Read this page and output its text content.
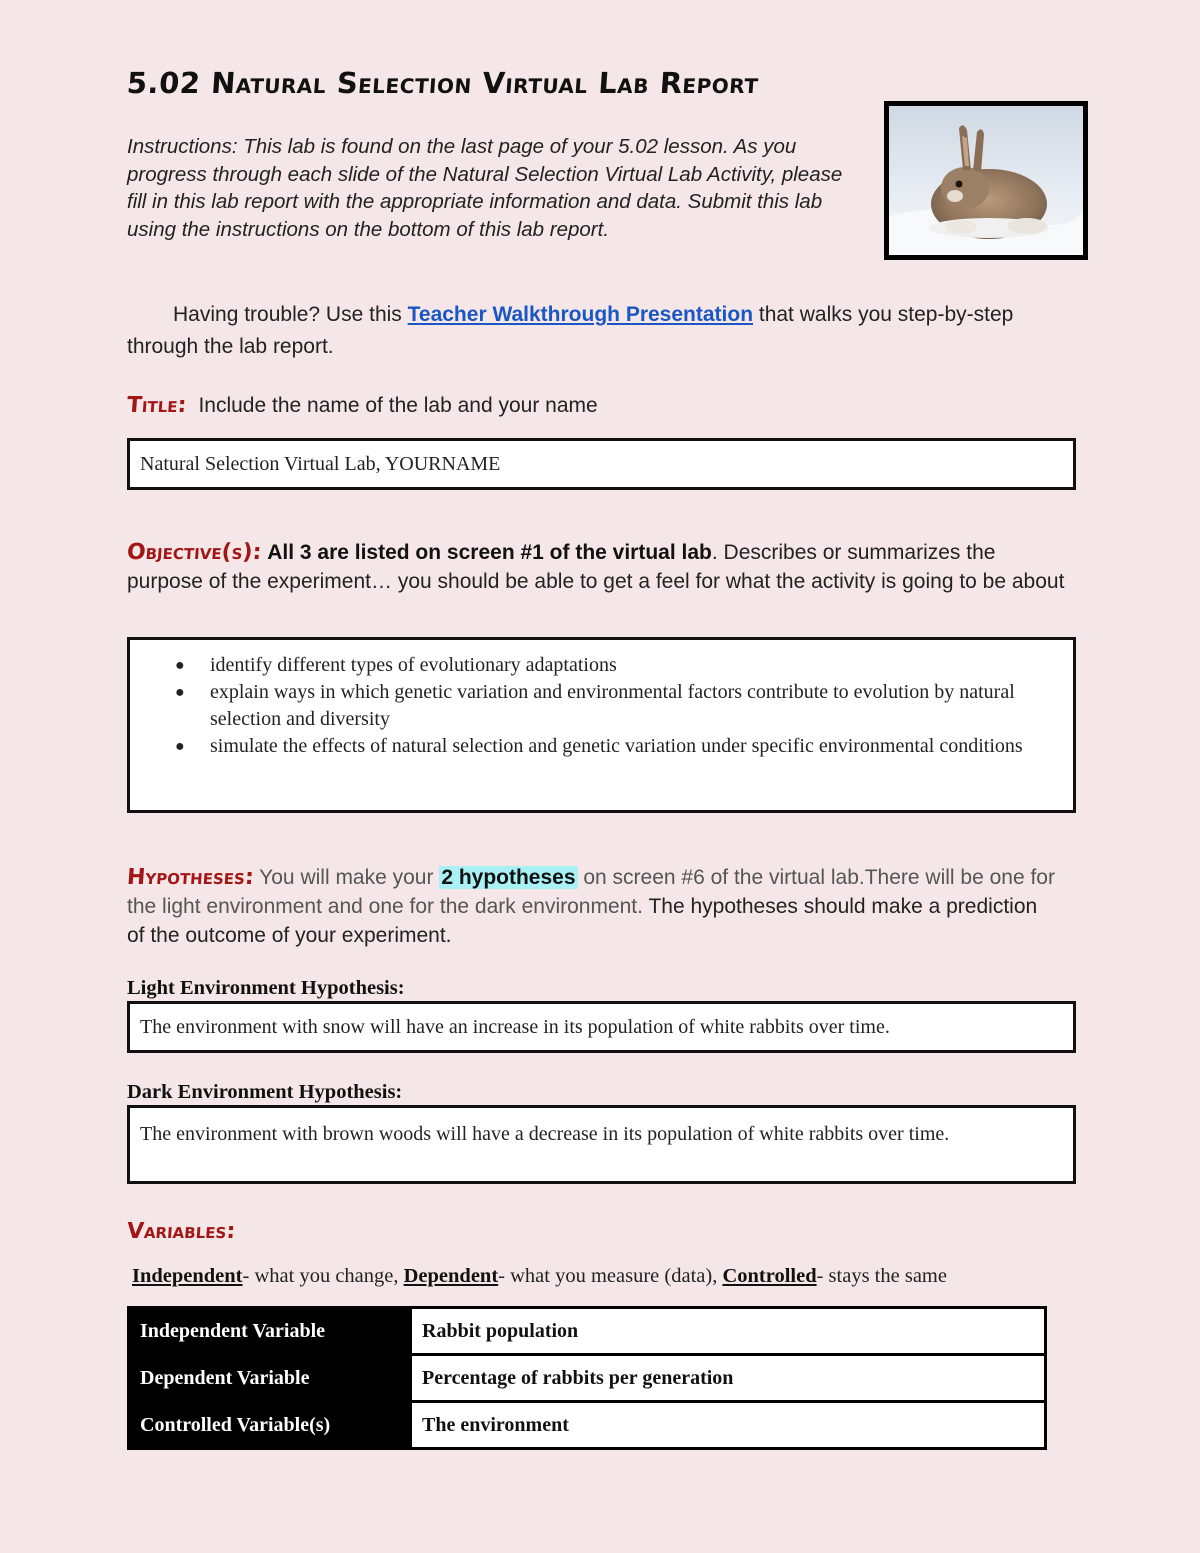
5.02 Natural Selection Virtual Lab Report
Instructions: This lab is found on the last page of your 5.02 lesson. As you progress through each slide of the Natural Selection Virtual Lab Activity, please fill in this lab report with the appropriate information and data. Submit this lab using the instructions on the bottom of this lab report.
Having trouble? Use this Teacher Walkthrough Presentation that walks you step-by-step through the lab report.
Title: Include the name of the lab and your name
Natural Selection Virtual Lab, YOURNAME
Objective(s): All 3 are listed on screen #1 of the virtual lab. Describes or summarizes the purpose of the experiment… you should be able to get a feel for what the activity is going to be about
● identify different types of evolutionary adaptations
● explain ways in which genetic variation and environmental factors contribute to evolution by natural selection and diversity
● simulate the effects of natural selection and genetic variation under specific environmental conditions
Hypotheses: You will make your 2 hypotheses on screen #6 of the virtual lab.There will be one for the light environment and one for the dark environment. The hypotheses should make a prediction of the outcome of your experiment.
Light Environment Hypothesis:
The environment with snow will have an increase in its population of white rabbits over time.
Dark Environment Hypothesis:
The environment with brown woods will have a decrease in its population of white rabbits over time.
Variables:
Independent- what you change, Dependent- what you measure (data), Controlled- stays the same
Independent Variable	Rabbit population
Dependent Variable	Percentage of rabbits per generation
Controlled Variable(s)	The environment
